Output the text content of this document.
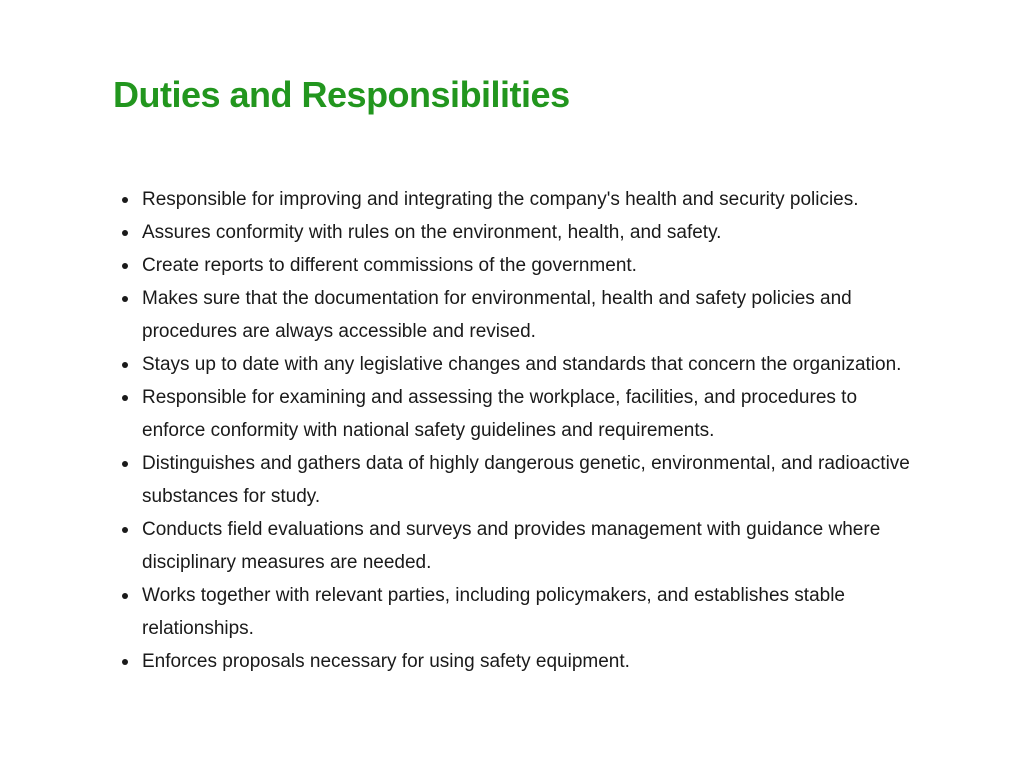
Duties and Responsibilities
Responsible for improving and integrating the company's health and security policies.
Assures conformity with rules on the environment, health, and safety.
Create reports to different commissions of the government.
Makes sure that the documentation for environmental, health and safety policies and procedures are always accessible and revised.
Stays up to date with any legislative changes and standards that concern the organization.
Responsible for examining and assessing the workplace, facilities, and procedures to enforce conformity with national safety guidelines and requirements.
Distinguishes and gathers data of highly dangerous genetic, environmental, and radioactive substances for study.
Conducts field evaluations and surveys and provides management with guidance where disciplinary measures are needed.
Works together with relevant parties, including policymakers, and establishes stable relationships.
Enforces proposals necessary for using safety equipment.
